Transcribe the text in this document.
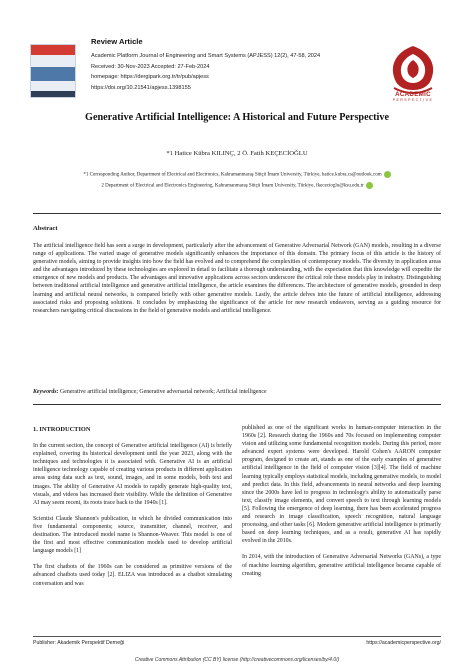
Review Article
Academic Platform Journal of Engineering and Smart Systems (APJESS) 12(2), 47-58, 2024
Received: 30-Nov-2023 Accepted: 27-Feb-2024
homepage: https://dergipark.org.tr/tr/pub/apjess
https://doi.org/10.21541/apjess.1398155
ACADEMIC
PERSPECTIVE
Generative Artificial Intelligence: A Historical and Future Perspective
*1 Hatice Kübra KILINÇ, 2 Ö. Fatih KEÇECİOĞLU
*1 Corresponding Author, Department of Electrical and Electronics, Kahramanmaraş Sütçü İmam University, Türkiye, hatice.kubra.cs@outlook.com
2 Department of Electrical and Electronics Engineering, Kahramanmaraş Sütçü İmam University, Türkiye, fkececioglu@ksu.edu.tr
Abstract
The artificial intelligence field has seen a surge in development, particularly after the advancement of Generative Adversarial Network (GAN) models, resulting in a diverse range of applications. The varied usage of generative models significantly enhances the importance of this domain. The primary focus of this article is the history of generative models, aiming to provide insights into how the field has evolved and to comprehend the complexities of contemporary models. The diversity in application areas and the advantages introduced by these technologies are explored in detail to facilitate a thorough understanding, with the expectation that this knowledge will expedite the emergence of new models and products. The advantages and innovative applications across sectors underscore the critical role these models play in industry. Distinguishing between traditional artificial intelligence and generative artificial intelligence, the article examines the differences. The architecture of generative models, grounded in deep learning and artificial neural networks, is compared briefly with other generative models. Lastly, the article delves into the future of artificial intelligence, addressing associated risks and proposing solutions. It concludes by emphasizing the significance of the article for new research endeavors, serving as a guiding resource for researchers navigating critical discussions in the field of generative models and artificial intelligence.
Keywords: Generative artificial intelligence; Generative adversarial network; Artificial intelligence
1. INTRODUCTION

In the current section, the concept of Generative artificial intelligence (AI) is briefly explained, covering its historical development until the year 2023, along with the techniques and technologies it is associated with. Generative AI is an artificial intelligence technology capable of creating various products in different application areas using data such as text, sound, images, and in some models, both text and images. The ability of Generative AI models to rapidly generate high-quality text, visuals, and videos has increased their visibility. While the definition of Generative AI may seem recent, its roots trace back to the 1940s [1].

Scientist Claude Shannon's publication, in which he divided communication into five fundamental components; source, transmitter, channel, receiver, and destination. The introduced model name is Shannon-Weaver. This model is one of the first and most effective communication models used to develop artificial language models [1]

The first chatbots of the 1960s can be considered as primitive versions of the advanced chatbots used today [2]. ELIZA was introduced as a chatbot simulating conversation and was

published as one of the significant works in human-computer interaction in the 1960s [2]. Research during the 1960s and 70s focused on implementing computer vision and utilizing some fundamental recognition models. During this period, more advanced expert systems were developed. Harold Cohen's AARON computer program, designed to create art, stands as one of the early examples of generative artificial intelligence in the field of computer vision [3][4]. The field of machine learning typically employs statistical models, including generative models, to model and predict data. In this field, advancements in neural networks and deep learning since the 2000s have led to progress in technology's ability to automatically parse text, classify image elements, and convert speech to text through learning models [5]. Following the emergence of deep learning, there has been accelerated progress and research in image classification, speech recognition, natural language processing, and other tasks [6]. Modern generative artificial intelligence is primarily based on deep learning techniques, and as a result, generative AI has rapidly evolved in the 2010s.

In 2014, with the introduction of Generative Adversarial Networks (GANs), a type of machine learning algorithm, generative artificial intelligence became capable of creating

Publisher: Akademik Perspektif Derneği	https://academicperspective.org/
Creative Commons Attribution (CC BY) license (http://creativecommons.org/licenses/by/4.0/)
